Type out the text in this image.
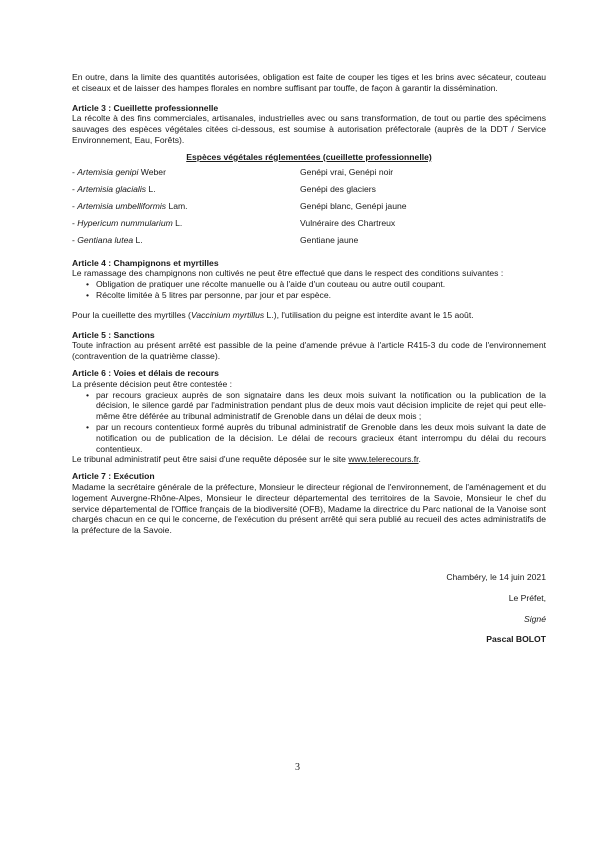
En outre, dans la limite des quantités autorisées, obligation est faite de couper les tiges et les brins avec sécateur, couteau et ciseaux et de laisser des hampes florales en nombre suffisant par touffe, de façon à garantir la dissémination.

Article 3 : Cueillette professionnelle

La récolte à des fins commerciales, artisanales, industrielles avec ou sans transformation, de tout ou partie des spécimens sauvages des espèces végétales citées ci-dessous, est soumise à autorisation préfectorale (auprès de la DDT / Service Environnement, Eau, Forêts).

Espèces végétales réglementées (cueillette professionnelle)
- Artemisia genipi Weber	Genépi vrai, Genépi noir
- Artemisia glacialis L.	Genépi des glaciers
- Artemisia umbelliformis Lam.	Genépi blanc, Genépi jaune
- Hypericum nummularium L.	Vulnéraire des Chartreux
- Gentiana lutea L.	Gentiane jaune

Article 4 : Champignons et myrtilles

Le ramassage des champignons non cultivés ne peut être effectué que dans le respect des conditions suivantes :

• Obligation de pratiquer une récolte manuelle ou à l'aide d'un couteau ou autre outil coupant.
• Récolte limitée à 5 litres par personne, par jour et par espèce.

Pour la cueillette des myrtilles (Vaccinium myrtillus L.), l'utilisation du peigne est interdite avant le 15 août.

Article 5 : Sanctions

Toute infraction au présent arrêté est passible de la peine d'amende prévue à l'article R415-3 du code de l'environnement (contravention de la quatrième classe).

Article 6 : Voies et délais de recours

La présente décision peut être contestée :

• par recours gracieux auprès de son signataire dans les deux mois suivant la notification ou la publication de la décision, le silence gardé par l'administration pendant plus de deux mois vaut décision implicite de rejet qui peut elle-même être déférée au tribunal administratif de Grenoble dans un délai de deux mois ;
• par un recours contentieux formé auprès du tribunal administratif de Grenoble dans les deux mois suivant la date de notification ou de publication de la décision. Le délai de recours gracieux étant interrompu du délai du recours contentieux.

Le tribunal administratif peut être saisi d'une requête déposée sur le site www.telerecours.fr.

Article 7 : Exécution

Madame la secrétaire générale de la préfecture, Monsieur le directeur régional de l'environnement, de l'aménagement et du logement Auvergne-Rhône-Alpes, Monsieur le directeur départemental des territoires de la Savoie, Monsieur le chef du service départemental de l'Office français de la biodiversité (OFB), Madame la directrice du Parc national de la Vanoise sont chargés chacun en ce qui le concerne, de l'exécution du présent arrêté qui sera publié au recueil des actes administratifs de la préfecture de la Savoie.

Chambéry, le 14 juin 2021

Le Préfet,

Signé

Pascal BOLOT

3
